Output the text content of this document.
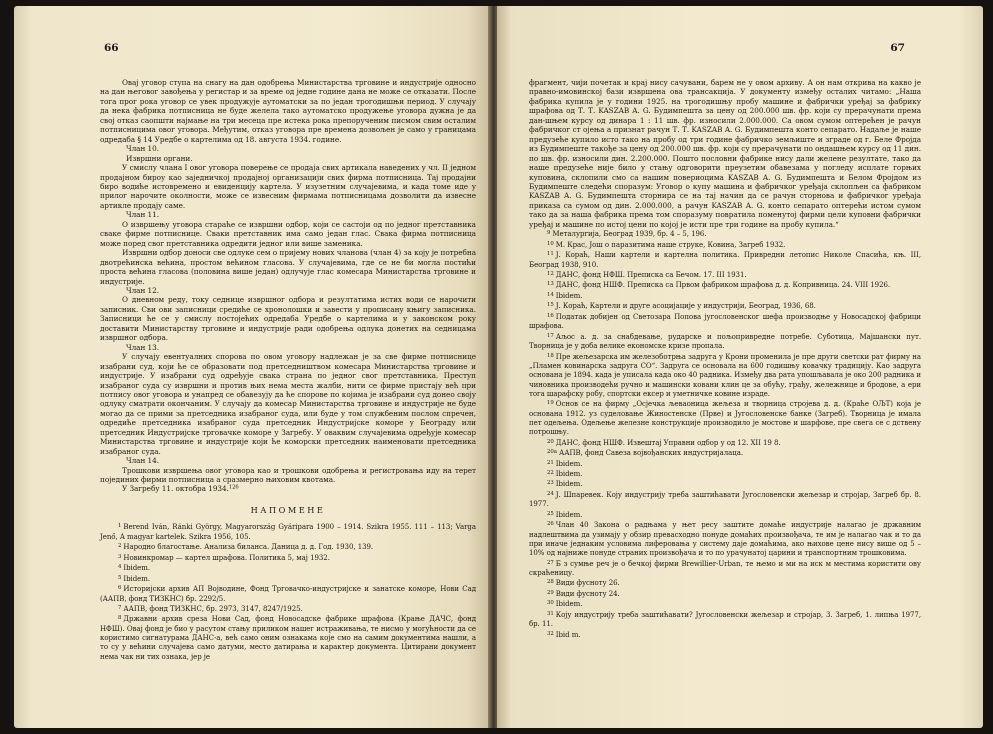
66

Овај уговор ступа на снагу на дан одобрења Министарства трговине и индустрије односно на дан његовог завођења у регистар и за време од једне године дана не може се отказати. После тога пpoг рока уговор се увек продужује аутоматски за по један трогодишњи период. У случају да нека фабрика потписница не буде желела тако аутоматско продужење уговора дужна је да свој отказ саопшти најмање на три месеца пре истека рока препорученим писмом свим осталим потписницима овог уговора. Међутим, отказ уговора пре времена дозвољен је само у границама одредаба § 14 Уредбе о картелима од 18. августа 1934. године.

Члан 10.

Извршни органи.

У смислу члана I овог уговора поверење се продаја свих артикала наведених у чл. II једном продајном бироу као заједничкој продајној организацији свих фирма потписница. Тај продајни биро водиће истовремено и евиденцију картела. У изузетним случајевима, и када томе иде у прилог нарочите околности, може се извесним фирмама потписницама дозволити да извесне артикле продају саме.

Члан 11.

О извршењу уговора стараће се извршни одбор, који се састоји од по једног претставника сваке фирме потписнице. Сваки претставник има само један глас. Свака фирма потписница може поред свог претставника одредити једног или више заменика.

Извршни одбор доноси све одлуке сем о пријему нових чланова (члан 4) за коју је потребна двотрећинска већина, простом већином гласова. У случајевима, где се не би могла постићи проста већина гласова (половина више један) одлучује глас комесара Министарства трговине и индустрије.

Члан 12.

О дневном реду, току седнице извршног одбора и резултатима истих води се нарочити записник. Сви ови записници средиће се хронолошки и завести у прописану књигу записника. Записници ће се у смислу постојећих одредаба Уредбе о картелима и у законском року доставити Министарству трговине и индустрије ради одобрења одлука донетих на седницама извршног одбора.

Члан 13.

У случају евентуалних спорова по овом уговору надлежан је за све фирме потписнице изабрани суд, који ће се образовати под претседништвом комесара Министарства трговине и индустрије. У изабрани суд одређује свака страна по једног свог претставника. Преступ изабраног суда су извршни и против њих нема места жалби, нити се фирме пристају већ при потпису овог уговора и унапред се обавезују да ће спорове по којима је изабрани суд донео своју одлуку сматрати окончаним. У случају да комесар Министарства трговине и индустрије не буде могао да се прими за претседника изабраног суда, или буде у том службеним послом спречен, одредиће претседника изабраног суда претседник Индустријске коморе у Београду или претседник Индустријске трговачке коморе у Загребу. У оваквим случајевима одређује комесар Министарства трговине и индустрије који ће коморски претседник наименовати претседника изабраног суда.

Члан 14.

Трошкови извршења овог уговора као и трошкови одобрења и регистровања иду на терет појединих фирми потписница а сразмерно њиховим квотама.

У Загребу 11. октобра 1934.$^{126}$

НАПОМЕНЕ

$^1$ Berend Iván, Ránki György, Magyarország Gyáripara 1900 – 1914. Szikra 1955. 111 – 113; Varga Jenő, A magyar kartelek. Szikra 1956, 105.

$^2$ Народно благостање. Анализа биланса. Даница д. д. Год. 1930, 139.

$^3$ Новинкромар — картел шрафова. Политика 5, мај 1932.

$^4$ Ibidem.

$^5$ Ibidem.

$^6$ Историјски архив АП Војводине, Фонд Трговачко-индустријске и занатске коморе, Нови Сад (ААПВ, фонд ТИЗКНС) бр. 2292/5.

$^7$ ААПВ, фонд ТИЗКНС, бр. 2973, 3147, 8247/1925.

$^8$ Државни архив среза Нови Сад, фонд Новосадске фабрике шрафова (Крање ДАЧС, фонд НФШ). Овај фонд је био у расутом стању приликом нашег истраживања, те нисмо у могућности да се користимо сигнатурама ДАНС-а, већ само оним ознакама које смо на самим документима нашли, а то су у већини случајева само датуми, место датирања и карактер документа. Цитирани документ нема чак ни тих ознака, јер је

67

фрагмент, чији почетак и крај нису сачувани, барем не у овом архиву. А он нам открива на какво је правно-имовинској бази извршена ова трансакција. У документу између осталих читамо: „Наша фабрика купила је у години 1925. на трогодишњу пробу машине и фабрички уређај за фабрику шрафова од Т. Т. KASZAB A. G. Будимпешта за цену од 200.000 шв. фр. који су прерачунати према дан-шњем курсу од динара 1 : 11 шв. фр. износили 2.000.000. Са овом сумом оптерећен је рачун фабричког ст ојења а признат рачун Т. Т. KASZAB A. G. Будимпешта конто сепарато. Надаље је наше предузеће купило исто тако на пробу од три године фабричко земљиште и зграде од г. Беле Фројда из Будимпеште такође за цену од 200.000 шв. фр. који су прерачунати по ондашњем курсу од 11 дин. по шв. фр. износили дин. 2.200.000. Пошто пословни фабрике нису дали желене резултате, тако да наше предузеће није било у стању одговорити преузетим обавезама у погледу исплате горњих куповина, склопили смо са нашим повериоцима KASZAB A. G. Будимпешта и Белом Фројдом из Будимпеште следећи споразум: Уговор о купу машина и фабричког уређаја склопљен са фабриком KASZAB A. G. Будимпешта сторнира се на тај начин да се рачун сторнова и фабричког уређаја приказа са сумом од дин. 2.000.000, а рачун KASZAB A. G. конто сепарато оптерећи истом сумом тако да за наша фабрика према том споразуму повратила поменутој фирми цели куповни фабрички уређај и машине по истој цени по којој је исти пре три године на пробу купила.“

$^9$ Металургија, Београд 1939, бр. 4 – 5, 196.

$^{10}$ М. Крас, Још о паразитима наше струке, Ковина, Загреб 1932.

$^{11}$ Ј. Кораћ, Наши картели и картелна политика. Привредни летопис Николе Спасића, књ. III, Београд 1938, 910.

$^{12}$ ДАНС, фонд НФШ. Преписка са Бечом. 17. III 1931.

$^{13}$ ДАНС, фонд НШФ. Преписка са Првом фабриком шрафова д. д. Копривница. 24. VIII 1926.

$^{14}$ Ibidem.

$^{15}$ Ј. Кораћ, Картели и друге асоцијације у индустрији, Београд, 1936, 68.

$^{16}$ Податак добијен од Светозара Попова југословенског шефа производње у Новосадској фабрици шрафова.

$^{17}$ Аљос а. д. за снабдевање, рударске и пољопривредне потребе. Суботица, Мајшански пут. Творница је у доба велике економске кризе пропала.

$^{18}$ Пре жељезарска им железоботрња задруга у Крони променила је пре други светски рат фирму на „Пламен ковинарска задруга СО“. Задруга се основала на 600 годишњу ковачку традицију. Као задруга основана је 1894. када је уписала када око 40 радника. Између два рата упошљавала је око 200 радника и чиновника производећи ручно и машински ковани клин це за обућу, грађу, жележнице и бродове, а ери тога шарафску робу, спортски ексер и уметничке ковине изрaде.

$^{19}$ Основ се на фирму „Осјечка љеваоница жељеза и творница стројева д. д. (Краће ОЉТ) која је основана 1912. уз суделовање Жиностенске (Прве) и Југословенске банке (Загреб). Творница је имала пет одељења. Одељење железне конструкције производило је мостове и шарфове, пре свега се с дствену потрошњу.

$^{20}$ ДАНС, фонд НШФ. Извештај Управни одбор у од 12. XII 19 8.

$^{20a}$ ААПВ, фонд Савеза војвођанских индустријалаца.

$^{21}$ Ibidem.

$^{22}$ Ibidem.

$^{23}$ Ibidem.

$^{24}$ Ј. Шпаревек. Коју индустрију треба заштићавати Југословенски жељезар и стројар, Загреб бр. 8. 1977.

$^{25}$ Ibidem.

$^{26}$ Члан 40 Закона о радњама у њет ресу заштите домаће индустрије налагао је државним надлештвима да узимају у обзир превасходно понуде домаћих произвођача, те им је налагао чак и то да при иначе једнаким условима лиферовања у систему даје домаћима, ако њихове цене нису више од 5 – 10% од најниже понуде страних произвођача и то по урачунатој царини и транспортним трошковима.

$^{27}$ Б з сумње реч је о бечкој фирми Brewillier-Urban, те њемо и ми на иск м местима користити ову скраћеницу.

$^{28}$ Види фусноту 26.

$^{29}$ Види фусноту 24.

$^{30}$ Ibidem.

$^{31}$ Коју индустрију треба заштићавати? Југословенски жељезар и стројар, 3. Загреб, 1. липња 1977, бр. 11.

$^{32}$ Ibid m.
